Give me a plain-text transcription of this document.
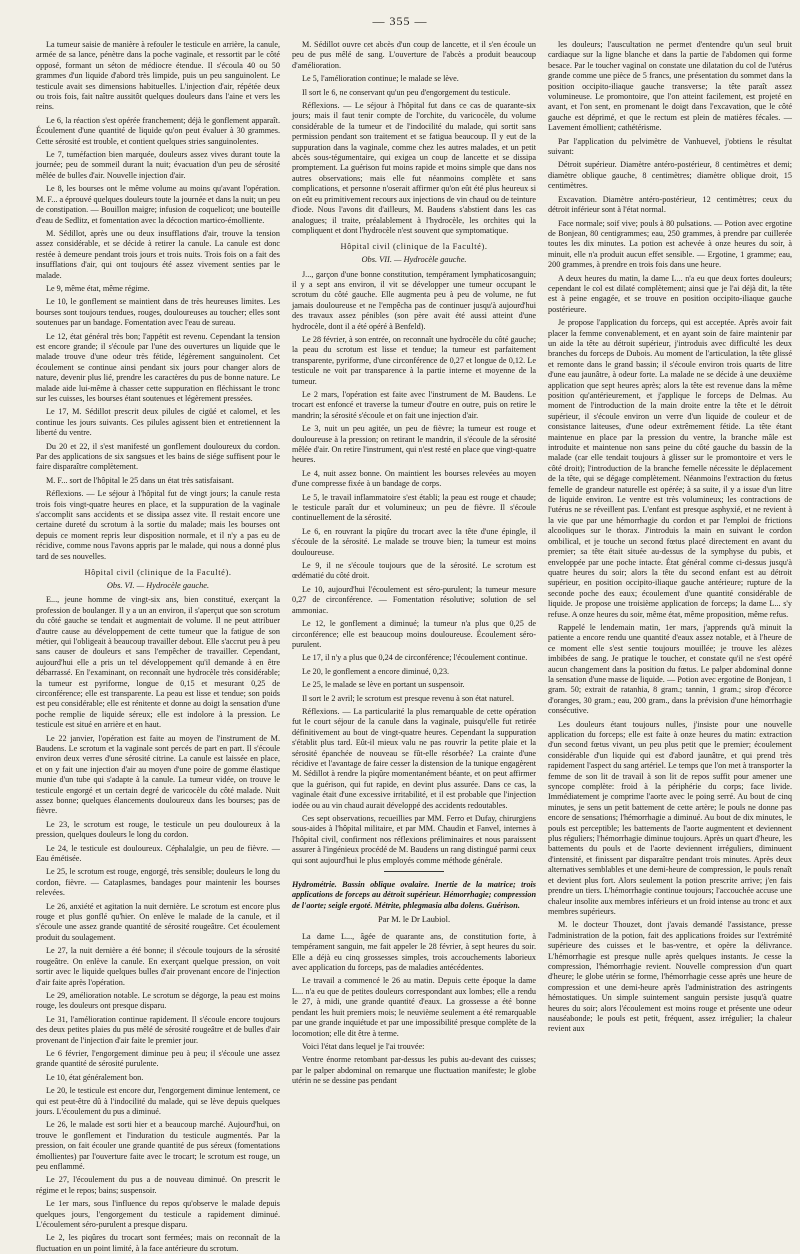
— 355 —

La tumeur saisie de manière à refouler le testicule en arrière, la canule, armée de sa lance, pénètre dans la poche vaginale, et ressortit par le côté opposé, formant un séton de médiocre étendue. Il s'écoula 40 ou 50 grammes d'un liquide d'abord très limpide, puis un peu sanguinolent. Le testicule avait ses dimensions habituelles. L'injection d'air, répétée deux ou trois fois, fait naître aussitôt quelques douleurs dans l'aine et vers les reins.

Le 6, la réaction s'est opérée franchement; déjà le gonflement apparaît. Écoulement d'une quantité de liquide qu'on peut évaluer à 30 grammes. Cette sérosité est trouble, et contient quelques stries sanguinolentes.

Le 7, tuméfaction bien marquée, douleurs assez vives durant toute la journée; peu de sommeil durant la nuit; évacuation d'un peu de sérosité mêlée de bulles d'air. Nouvelle injection d'air.

Le 8, les bourses ont le même volume au moins qu'avant l'opération. M. F... a éprouvé quelques douleurs toute la journée et dans la nuit; un peu de constipation. — Bouillon maigre; infusion de coquelicot; une bouteille d'eau de Sedlitz, et fomentation avec la décoction martico-émolliente.

M. Sédillot, après une ou deux insufflations d'air, trouve la tension assez considérable, et se décide à retirer la canule. La canule est donc restée à demeure pendant trois jours et trois nuits. Trois fois on a fait des insufflations d'air, qui ont toujours été assez vivement senties par le malade.

Le 9, même état, même régime.

Le 10, le gonflement se maintient dans de très heureuses limites. Les bourses sont toujours tendues, rouges, douloureuses au toucher; elles sont soutenues par un bandage. Fomentation avec l'eau de sureau.

Le 12, état général très bon; l'appétit est revenu. Cependant la tension est encore grande; il s'écoule par l'une des ouvertures un liquide que le malade trouve d'une odeur très fétide, légèrement sanguinolent. Cet écoulement se continue ainsi pendant six jours pour changer alors de nature, devenir plus lié, prendre les caractères du pus de bonne nature. Le malade aide lui-même à chasser cette suppuration en fléchissant le tronc sur les cuisses, les bourses étant soutenues et légèrement pressées.

Le 17, M. Sédillot prescrit deux pilules de cigüé et calomel, et les continue les jours suivants. Ces pilules agissent bien et entretiennent la liberté du ventre.

Du 20 et 22, il s'est manifesté un gonflement douloureux du cordon. Par des applications de six sangsues et les bains de siége suffisent pour le faire disparaître complètement.

M. F... sort de l'hôpital le 25 dans un état très satisfaisant.

Réflexions. — Le séjour à l'hôpital fut de vingt jours; la canule resta trois fois vingt-quatre heures en place, et la suppuration de la vaginale s'accomplit sans accidents et se dissipa assez vite. Il restait encore une certaine dureté du scrotum à la sortie du malade; mais les bourses ont depuis ce moment repris leur disposition normale, et il n'y a pas eu de récidive, comme nous l'avons appris par le malade, qui nous a donné plus tard de ses nouvelles.

Hôpital civil (clinique de la Faculté).
Obs. VI. — Hydrocèle gauche.

E..., jeune homme de vingt-six ans, bien constitué, exerçant la profession de boulanger. Il y a un an environ, il s'aperçut que son scrotum du côté gauche se tendait et augmentait de volume. Il ne peut attribuer d'autre cause au développement de cette tumeur que la fatigue de son métier, qui l'obligeait à beaucoup travailler debout. Elle s'accrut peu à peu sans causer de douleurs et sans l'empêcher de travailler. Cependant, aujourd'hui elle a pris un tel développement qu'il demande à en être débarrassé. En l'examinant, on reconnaît une hydrocèle très considérable; la tumeur est pyriforme, longue de 0,15 et mesurant 0,25 de circonférence; elle est transparente. La peau est lisse et tendue; son poids est peu considérable; elle est rénitente et donne au doigt la sensation d'une poche remplie de liquide séreux; elle est indolore à la pression. Le testicule est situé en arrière et en haut.

Le 22 janvier, l'opération est faite au moyen de l'instrument de M. Baudens. Le scrotum et la vaginale sont percés de part en part. Il s'écoule environ deux verres d'une sérosité citrine. La canule est laissée en place, et on y fait une injection d'air au moyen d'une poire de gomme élastique munie d'un tube qui s'adapte à la canule. La tumeur vidée, on trouve le testicule engorgé et un certain degré de varicocèle du côté malade. Nuit assez bonne; quelques élancements douloureux dans les bourses; pas de fièvre.

Le 23, le scrotum est rouge, le testicule un peu douloureux à la pression, quelques douleurs le long du cordon.

Le 24, le testicule est douloureux. Céphalalgie, un peu de fièvre. — Eau émétisée.

Le 25, le scrotum est rouge, engorgé, très sensible; douleurs le long du cordon, fièvre. — Cataplasmes, bandages pour maintenir les bourses relevées.

Le 26, anxiété et agitation la nuit dernière. Le scrotum est encore plus rouge et plus gonflé qu'hier. On enlève le malade de la canule, et il s'écoule une assez grande quantité de sérosité rougeâtre. Cet écoulement produit du soulagement.

Le 27, la nuit dernière a été bonne; il s'écoule toujours de la sérosité rougeâtre. On enlève la canule. En exerçant quelque pression, on voit sortir avec le liquide quelques bulles d'air provenant encore de l'injection d'air faite après l'opération.

Le 29, amélioration notable. Le scrotum se dégorge, la peau est moins rouge, les douleurs ont presque disparu.

Le 31, l'amélioration continue rapidement. Il s'écoule encore toujours des deux petites plaies du pus mêlé de sérosité rougeâtre et de bulles d'air provenant de l'injection d'air faite le premier jour.

Le 6 février, l'engorgement diminue peu à peu; il s'écoule une assez grande quantité de sérosité purulente.

Le 10, état généralement bon.

Le 20, le testicule est encore dur, l'engorgement diminue lentement, ce qui est peut-être dû à l'indocilité du malade, qui se lève depuis quelques jours. L'écoulement du pus a diminué.

Le 26, le malade est sorti hier et a beaucoup marché. Aujourd'hui, on trouve le gonflement et l'induration du testicule augmentés. Par la pression, on fait écouler une grande quantité de pus séreux (fomentations émollientes) par l'ouverture faite avec le trocart; le scrotum est rouge, un peu enflammé.

Le 27, l'écoulement du pus a de nouveau diminué. On prescrit le régime et le repos; bains; suspensoir.

Le 1er mars, sous l'influence du repos qu'observe le malade depuis quelques jours, l'engorgement du testicule a rapidement diminué. L'écoulement séro-purulent a presque disparu.

Le 2, les piqûres du trocart sont fermées; mais on reconnaît de la fluctuation en un point limité, à la face antérieure du scrotum.

M. Sédillot ouvre cet abcès d'un coup de lancette, et il s'en écoule un peu de pus mêlé de sang. L'ouverture de l'abcès a produit beaucoup d'amélioration.

Le 5, l'amélioration continue; le malade se lève.

Il sort le 6, ne conservant qu'un peu d'engorgement du testicule.

Réflexions. — Le séjour à l'hôpital fut dans ce cas de quarante-six jours; mais il faut tenir compte de l'orchite, du varicocèle, du volume considérable de la tumeur et de l'indocilité du malade, qui sortit sans permission pendant son traitement et se fatigua beaucoup. Il y eut de la suppuration dans la vaginale, comme chez les autres malades, et un petit abcès sous-tégumentaire, qui exigea un coup de lancette et se dissipa promptement. La guérison fut moins rapide et moins simple que dans nos autres observations; mais elle fut néanmoins complète et sans complications, et personne n'oserait affirmer qu'on eût été plus heureux si on eût eu primitivement recours aux injections de vin chaud ou de teinture d'iode. Nous l'avons dit d'ailleurs, M. Baudens s'abstient dans les cas analogues; il traite, préalablement à l'hydrocèle, les orchites qui la compliquent et dont l'hydrocèle n'est souvent que symptomatique.

Hôpital civil (clinique de la Faculté).
Obs. VII. — Hydrocèle gauche.

J..., garçon d'une bonne constitution, tempérament lymphaticosanguin; il y a sept ans environ, il vit se développer une tumeur occupant le scrotum du côté gauche. Elle augmenta peu à peu de volume, ne fut jamais douloureuse et ne l'empêcha pas de continuer jusqu'à aujourd'hui des travaux assez pénibles (son père avait été aussi atteint d'une hydrocèle, dont il a été opéré à Benfeld).

Le 28 février, à son entrée, on reconnaît une hydrocèle du côté gauche; la peau du scrotum est lisse et tendue; la tumeur est parfaitement transparente, pyriforme, d'une circonférence de 0,27 et longue de 0,12. Le testicule ne voit par transparence à la partie interne et moyenne de la tumeur.

Le 2 mars, l'opération est faite avec l'instrument de M. Baudens. Le trocart est enfoncé et traverse la tumeur d'outre en outre, puis on retire le mandrin; la sérosité s'écoule et on fait une injection d'air.

Le 3, nuit un peu agitée, un peu de fièvre; la tumeur est rouge et douloureuse à la pression; on retirant le mandrin, il s'écoule de la sérosité mêlée d'air. On retire l'instrument, qui n'est resté en place que vingt-quatre heures.

Le 4, nuit assez bonne. On maintient les bourses relevées au moyen d'une compresse fixée à un bandage de corps.

Le 5, le travail inflammatoire s'est établi; la peau est rouge et chaude; le testicule paraît dur et volumineux; un peu de fièvre. Il s'écoule continuellement de la sérosité.

Le 6, en rouvrant la piqûre du trocart avec la tête d'une épingle, il s'écoule de la sérosité. Le malade se trouve bien; la tumeur est moins douloureuse.

Le 9, il ne s'écoule toujours que de la sérosité. Le scrotum est œdématié du côté droit.

Le 10, aujourd'hui l'écoulement est séro-purulent; la tumeur mesure 0,27 de circonférence. — Fomentation résolutive; solution de sel ammoniac.

Le 12, le gonflement a diminué; la tumeur n'a plus que 0,25 de circonférence; elle est beaucoup moins douloureuse. Écoulement séro-purulent.

Le 17, il n'y a plus que 0,24 de circonférence; l'écoulement continue.

Le 20, le gonflement a encore diminué, 0,23.

Le 25, le malade se lève en portant un suspensoir.

Il sort le 2 avril; le scrotum est presque revenu à son état naturel.

Réflexions. — La particularité la plus remarquable de cette opération fut le court séjour de la canule dans la vaginale, puisqu'elle fut retirée définitivement au bout de vingt-quatre heures. Cependant la suppuration s'établit plus tard. Eût-il mieux valu ne pas rouvrir la petite plaie et la sérosité épanchée de nouveau se fût-elle résorbée? La crainte d'une récidive et l'avantage de faire cesser la distension de la tunique engagèrent M. Sédillot à rendre la piqûre momentanément béante, et on peut affirmer que la guérison, qui fut rapide, en devint plus assurée. Dans ce cas, la vaginale était d'une excessive irritabilité, et il est probable que l'injection iodée ou au vin chaud aurait développé des accidents redoutables.

Ces sept observations, recueillies par MM. Ferro et Dufay, chirurgiens sous-aides à l'hôpital militaire, et par MM. Chaudin et Fanvel, internes à l'hôpital civil, confirment nos réflexions préliminaires et nous paraissent assurer à l'ingénieux procédé de M. Baudens un rang distingué parmi ceux qui sont aujourd'hui le plus employés comme méthode générale.

Hydrométrie. Bassin oblique ovalaire. Inertie de la matrice; trois applications de forceps au détroit supérieur. Hémorrhagie; compression de l'aorte; seigle ergoté. Métrite, phlegmasia alba dolens. Guérison.

Par M. le Dr Laubiol.

La dame L..., âgée de quarante ans, de constitution forte, à tempérament sanguin, me fait appeler le 28 février, à sept heures du soir. Elle a déjà eu cinq grossesses simples, trois accouchements laborieux avec application du forceps, pas de maladies antécédentes.

Le travail a commencé le 26 au matin. Depuis cette époque la dame L... n'a eu que de petites douleurs correspondant aux lombes; elle a rendu le 27, à midi, une grande quantité d'eaux. La grossesse a été bonne pendant les huit premiers mois; le neuvième seulement a été remarquable par une grande inquiétude et par une impossibilité presque complète de la locomotion; elle dit être à terme.

Voici l'état dans lequel je l'ai trouvée:

Ventre énorme retombant par-dessus les pubis au-devant des cuisses; par le palper abdominal on remarque une fluctuation manifeste; le globe utérin ne se dessine pas pendant

les douleurs; l'auscultation ne permet d'entendre qu'un seul bruit cardiaque sur la ligne blanche et dans la partie de l'abdomen qui forme besace. Par le toucher vaginal on constate une dilatation du col de l'utérus grande comme une pièce de 5 francs, une présentation du sommet dans la position occipito-iliaque gauche transverse; la tête paraît assez volumineuse. Le promontoire, que l'on atteint facilement, est projeté en avant, et l'on sent, en promenant le doigt dans l'excavation, que le côté gauche est déprimé, et que le rectum est plein de matières fécales. — Lavement émollient; cathétérisme.

Par l'application du pelvimètre de Vanhuevel, j'obtiens le résultat suivant:

Détroit supérieur. Diamètre antéro-postérieur, 8 centimètres et demi; diamètre oblique gauche, 8 centimètres; diamètre oblique droit, 15 centimètres.

Excavation. Diamètre antéro-postérieur, 12 centimètres; ceux du détroit inférieur sont à l'état normal.

Face normale; soif vive; pouls à 80 pulsations. — Potion avec ergotine de Bonjean, 80 centigrammes; eau, 250 grammes, à prendre par cuillerée toutes les dix minutes. La potion est achevée à onze heures du soir, à minuit, elle n'a produit aucun effet sensible. — Ergotine, 1 gramme; eau, 200 grammes, à prendre en trois fois dans une heure.

A deux heures du matin, la dame L... n'a eu que deux fortes douleurs; cependant le col est dilaté complètement; ainsi que je l'ai déjà dit, la tête est à peine engagée, et se trouve en position occipito-iliaque gauche postérieure.

Je propose l'application du forceps, qui est acceptée. Après avoir fait placer la femme convenablement, et en ayant soin de faire maintenir par un aide la tête au détroit supérieur, j'introduis avec difficulté les deux branches du forceps de Dubois. Au moment de l'articulation, la tête glissé et remonte dans le grand bassin; il s'écoule environ trois quarts de litre d'une eau jaunâtre, à odeur forte. La malade ne se décide à une deuxième application que sept heures après; alors la tête est revenue dans la même position qu'antérieurement, et j'applique le forceps de Delmas. Au moment de l'introduction de la main droite entre la tête et le détroit supérieur, il s'écoule environ un verre d'un liquide de couleur et de consistance laiteuses, d'une odeur extrêmement fétide. La tête étant maintenue en place par la pression du ventre, la branche mâle est introduite et maintenue non sans peine du côté gauche du bassin de la malade (car elle tendait toujours à glisser sur le promontoire et vers le côté droit); l'introduction de la branche femelle nécessite le déplacement de la tête, qui se dégage complètement. Néanmoins l'extraction du fœtus femelle de grandeur naturelle est opérée; à sa suite, il y a issue d'un litre de liquide environ. Le ventre est très volumineux; les contractions de l'utérus ne se réveillent pas. L'enfant est presque asphyxié, et ne revient à la vie que par une hémorrhagie du cordon et par l'emploi de frictions alcooliques sur le thorax. J'introduis la main en suivant le cordon ombilical, et je touche un second fœtus placé directement en avant du premier; sa tête était située au-dessus de la symphyse du pubis, et enveloppée par une poche intacte. État général comme ci-dessus jusqu'à quatre heures du soir; alors la tête du second enfant est au détroit supérieur, en position occipito-iliaque gauche antérieure; rupture de la seconde poche des eaux; écoulement d'une quantité considérable de liquide. Je propose une troisième application de forceps; la dame L... s'y refuse. A onze heures du soir, même état, même proposition, même refus.

Rappelé le lendemain matin, 1er mars, j'apprends qu'à minuit la patiente a encore rendu une quantité d'eaux assez notable, et à l'heure de ce moment elle s'est sentie toujours mouillée; je trouve les alèzes imbibées de sang. Je pratique le toucher, et constate qu'il ne s'est opéré aucun changement dans la position du fœtus. Le palper abdominal donne la sensation d'une masse de liquide. — Potion avec ergotine de Bonjean, 1 gram. 50; extrait de ratanhia, 8 gram.; tannin, 1 gram.; sirop d'écorce d'oranges, 30 gram.; eau, 200 gram., dans la prévision d'une hémorrhagie consécutive.

Les douleurs étant toujours nulles, j'insiste pour une nouvelle application du forceps; elle est faite à onze heures du matin: extraction d'un second fœtus vivant, un peu plus petit que le premier; écoulement considérable d'un liquide qui est d'abord jaunâtre, et qui prend très rapidement l'aspect du sang artériel. Le temps que l'on met à transporter la femme de son lit de travail à son lit de repos suffit pour amener une syncope complète: froid à la périphérie du corps; face livide. Immédiatement je comprime l'aorte avec le poing serré. Au bout de cinq minutes, je sens un petit battement de cette artère; le pouls ne donne pas encore de sensations; l'hémorrhagie a diminué. Au bout de dix minutes, le pouls est perceptible; les battements de l'aorte augmentent et deviennent plus réguliers; l'hémorrhagie diminue toujours. Après un quart d'heure, les battements du pouls et de l'aorte deviennent irréguliers, diminuent d'intensité, et finissent par disparaître pendant trois minutes. Après deux alternatives semblables et une demi-heure de compression, le pouls renaît et devient plus fort. Alors seulement la potion prescrite arrive; j'en fais prendre un tiers. L'hémorrhagie continue toujours; l'accouchée accuse une chaleur insolite aux membres inférieurs et un froid intense au tronc et aux membres supérieurs.

M. le docteur Thouzet, dont j'avais demandé l'assistance, presse l'administration de la potion, fait des applications froides sur l'extrémité supérieure des cuisses et le bas-ventre, et opère la délivrance. L'hémorrhagie est presque nulle après quelques instants. Je cesse la compression, l'hémorrhagie revient. Nouvelle compression d'un quart d'heure; le globe utérin se forme, l'hémorrhagie cesse après une heure de compression et une demi-heure après l'administration des astringents hémostatiques. Un simple suintement sanguin persiste jusqu'à quatre heures du soir; alors l'écoulement est moins rouge et présente une odeur nauséabonde; le pouls est petit, fréquent, assez irrégulier; la chaleur revient aux
